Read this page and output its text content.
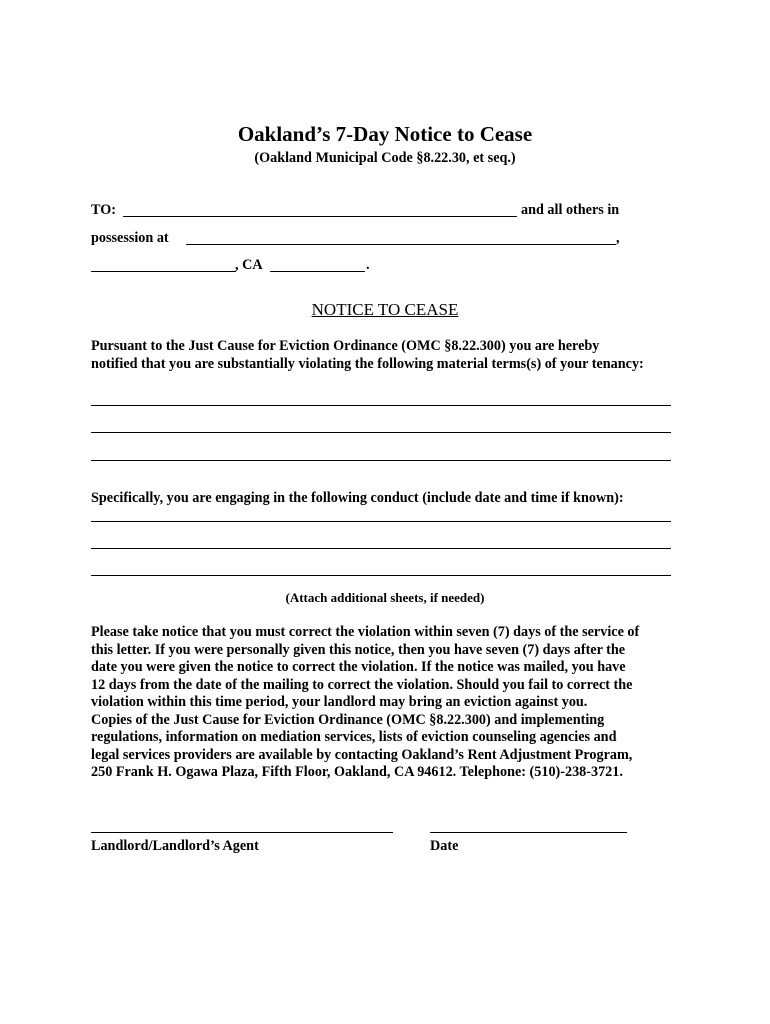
Oakland’s 7-Day Notice to Cease
(Oakland Municipal Code §8.22.30, et seq.)
TO:	and all others in
possession at	,
, CA	.
NOTICE TO CEASE
Pursuant to the Just Cause for Eviction Ordinance (OMC §8.22.300) you are hereby
notified that you are substantially violating the following material terms(s) of your tenancy:
Specifically, you are engaging in the following conduct (include date and time if known):
(Attach additional sheets, if needed)
Please take notice that you must correct the violation within seven (7) days of the service of
this letter. If you were personally given this notice, then you have seven (7) days after the
date you were given the notice to correct the violation. If the notice was mailed, you have
12 days from the date of the mailing to correct the violation. Should you fail to correct the
violation within this time period, your landlord may bring an eviction against you.
Copies of the Just Cause for Eviction Ordinance (OMC §8.22.300) and implementing
regulations, information on mediation services, lists of eviction counseling agencies and
legal services providers are available by contacting Oakland’s Rent Adjustment Program,
250 Frank H. Ogawa Plaza, Fifth Floor, Oakland, CA 94612. Telephone: (510)-238-3721.
Landlord/Landlord’s Agent	Date
